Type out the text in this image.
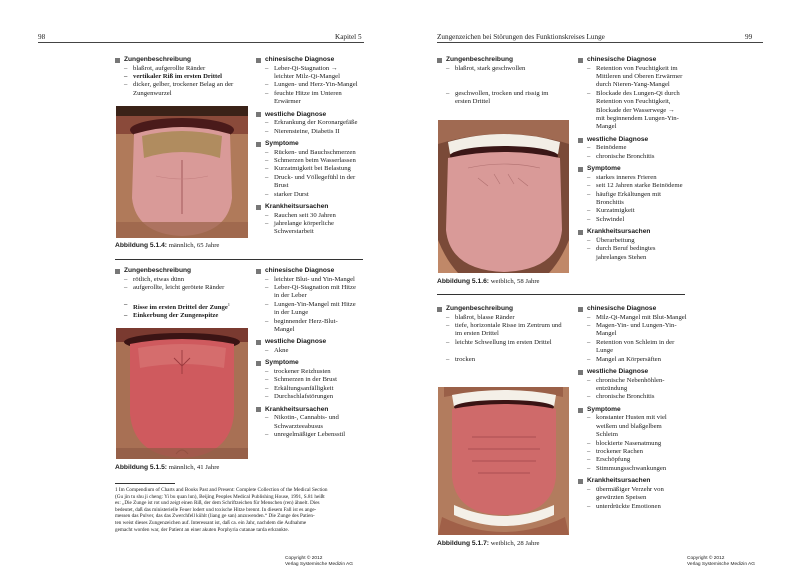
98	Kapitel 5	Zungenzeichen bei Störungen des Funktionskreises Lunge	99
Zungenbeschreibung
– blaßrot, aufgerollte Ränder
– vertikaler Riß im ersten Drittel
– dicker, gelber, trockener Belag an der
Zungenwurzel
Abbildung 5.1.4: männlich, 65 Jahre
chinesische Diagnose
– Leber-Qi-Stagnation →
leichter Milz-Qi-Mangel
– Lungen- und Herz-Yin-Mangel
– feuchte Hitze im Unteren
Erwärmer
westliche Diagnose
– Erkrankung der Koronargefäße
– Nierensteine, Diabetis II
Symptome
– Rücken- und Bauchschmerzen
– Schmerzen beim Wasserlassen
– Kurzatmigkeit bei Belastung
– Druck- und Völlegefühl in der
Brust
– starker Durst
Krankheitsursachen
– Rauchen seit 30 Jahren
– jahrelange körperliche
Schwerstarbeit
Zungenbeschreibung
– rötlich, etwas dünn
– aufgerollte, leicht gerötete Ränder
– Risse im ersten Drittel der Zunge$^1$
– Einkerbung der Zungenspitze
Abbildung 5.1.5: männlich, 41 Jahre
chinesische Diagnose
– leichter Blut- und Yin-Mangel
– Leber-Qi-Stagnation mit Hitze
in der Leber
– Lungen-Yin-Mangel mit Hitze
in der Lunge
– beginnender Herz-Blut-
Mangel
westliche Diagnose
– Akne
Symptome
– trockener Reizhusten
– Schmerzen in der Brust
– Erkältungsanfälligkeit
– Durchschlafstörungen
Krankheitsursachen
– Nikotin-, Cannabis- und
Schwarzteeabusus
– unregelmäßiger Lebensstil

1 Im Compendium of Charts and Books Past and Present: Complete Collection of the Medical Section

(Gu jin tu shu ji cheng: Yi bu quan lun), Beijing Peoples Medical Publishing House, 1991, S.81 heißt

es: „Die Zunge ist rot und zeigt einen Riß, der dem Schriftzeichen für Menschen (ren) ähnelt. Dies

bedeutet, daß das ministerielle Feuer lodert und toxische Hitze brennt. In diesem Fall ist es ange-

messen das Pulver, das das Zwerchfell kühlt (liang ge san) anzuwenden.“ Die Zunge des Patien-

ten weist dieses Zungenzeichen auf. Interessant ist, daß ca. ein Jahr, nachdem die Aufnahme

gemacht worden war, der Patient an einer akuten Porphyria cutanae tarda erkrankte.

Zungenbeschreibung
– blaßrot, stark geschwollen
– geschwollen, trocken und rissig im
ersten Drittel
Abbildung 5.1.6: weiblich, 58 Jahre
chinesische Diagnose
– Retention von Feuchtigkeit im
Mittleren und Oberen Erwärmer
durch Nieren-Yang-Mangel
– Blockade des Lungen-Qi durch
Retention von Feuchtigkeit,
Blockade der Wasserwege →
mit beginnendem Lungen-Yin-
Mangel
westliche Diagnose
– Beinödeme
– chronische Bronchitis
Symptome
– starkes inneres Frieren
– seit 12 Jahren starke Beinödeme
– häufige Erkältungen mit
Bronchitis
– Kurzatmigkeit
– Schwindel
Krankheitsursachen
– Überarbeitung
– durch Beruf bedingtes
jahrelanges Stehen
Zungenbeschreibung
– blaßrot, blasse Ränder
– tiefe, horizontale Risse im Zentrum und
im ersten Drittel
– leichte Schwellung im ersten Drittel
– trocken
Abbildung 5.1.7: weiblich, 28 Jahre
chinesische Diagnose
– Milz-Qi-Mangel mit Blut-Mangel
– Magen-Yin- und Lungen-Yin-
Mangel
– Retention von Schleim in der
Lunge
– Mangel an Körpersäften
westliche Diagnose
– chronische Nebenhöhlen-
entzündung
– chronische Bronchitis
Symptome
– konstanter Husten mit viel
weißem und blaßgelbem
Schleim
– blockierte Nasenatmung
– trockener Rachen
– Erschöpfung
– Stimmungsschwankungen
Krankheitsursachen
– übermäßiger Verzehr von
gewürzten Speisen
– unterdrückte Emotionen
Copyright © 2012
Verlag Systemische Medizin AG
Copyright © 2012
Verlag Systemische Medizin AG
